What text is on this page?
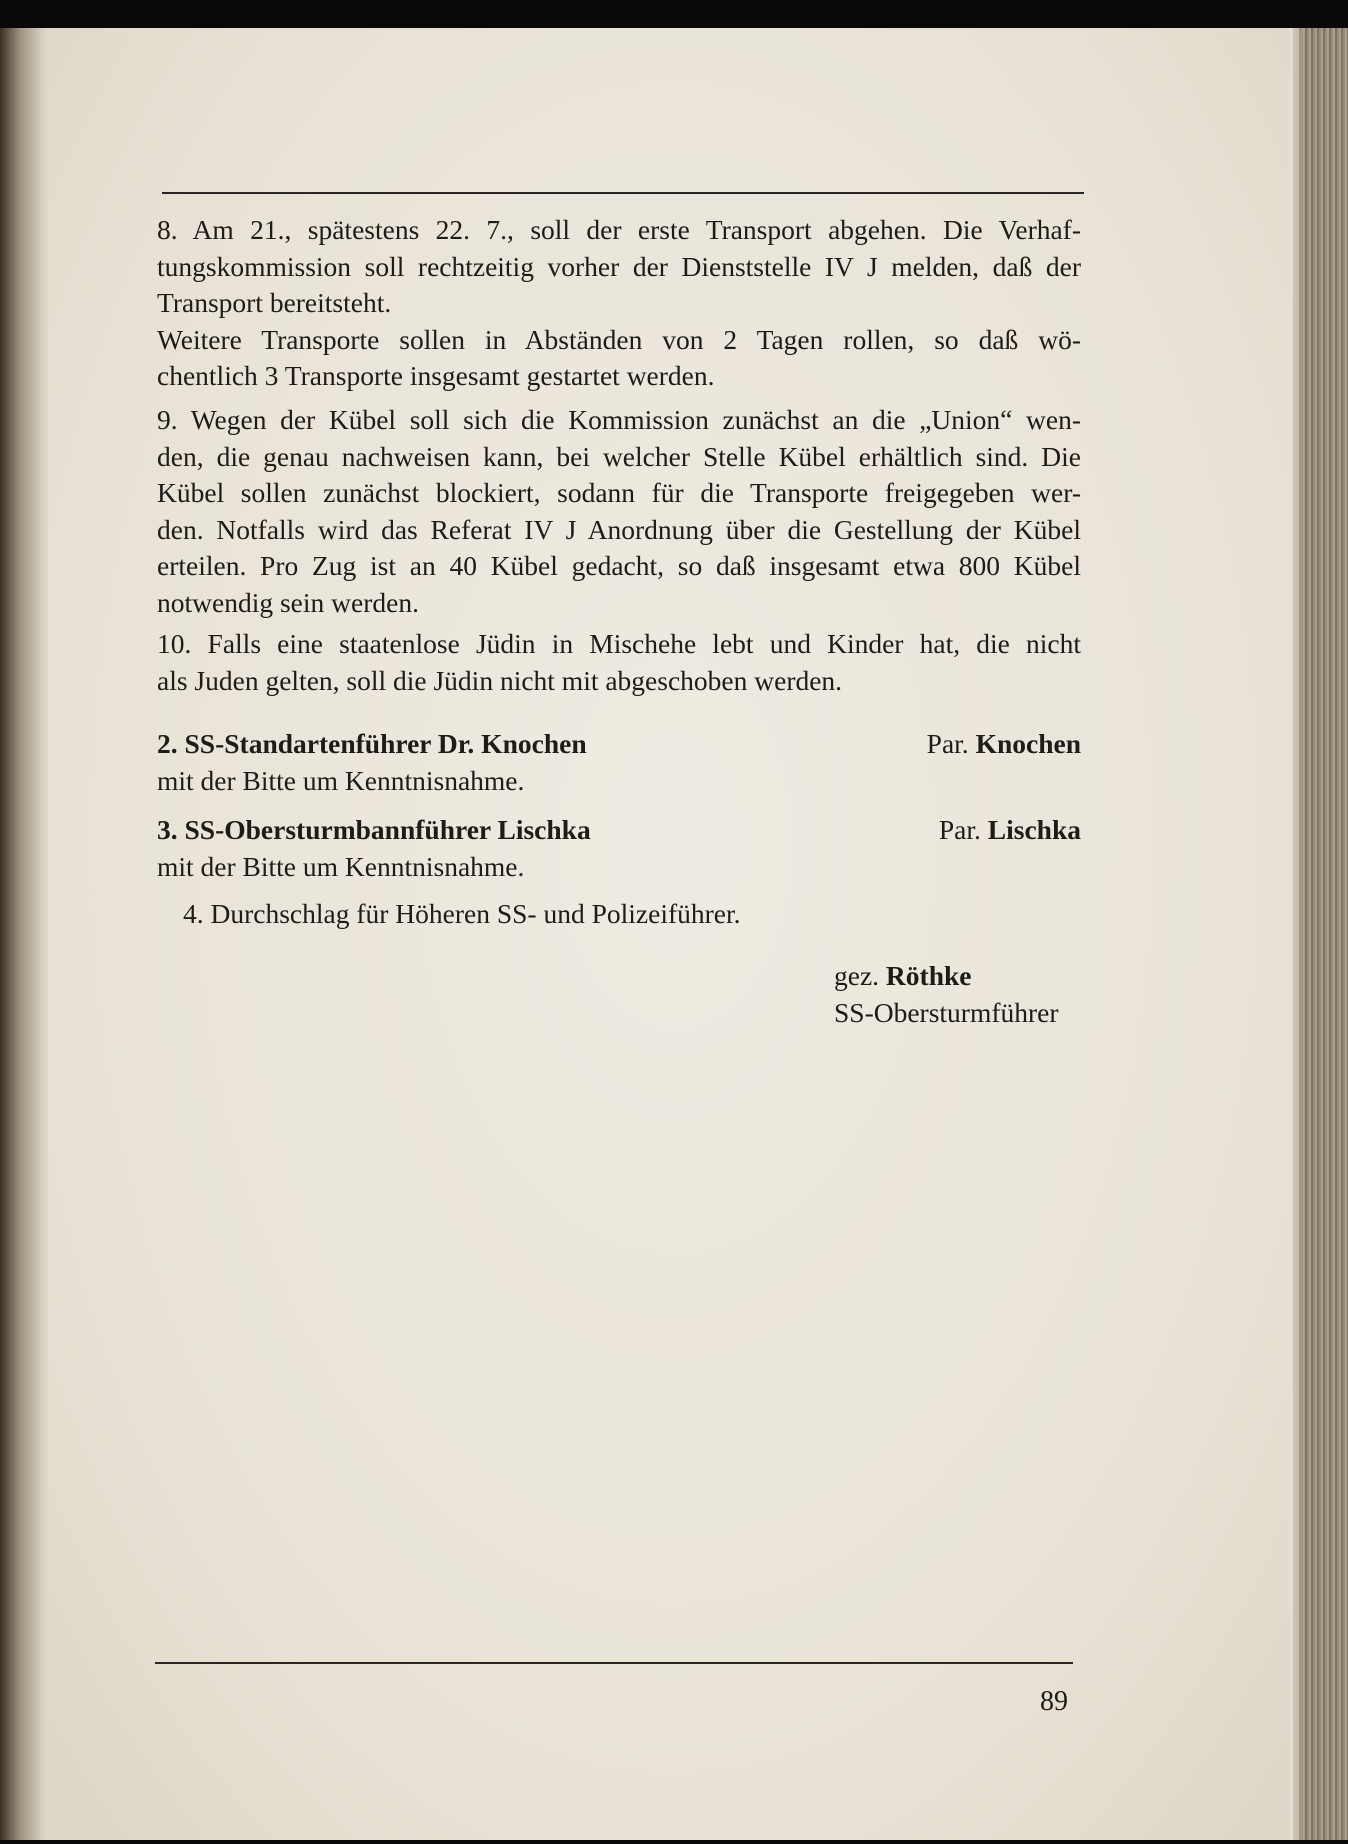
8. Am 21., spätestens 22. 7., soll der erste Transport abgehen. Die Verhaf-
tungskommission soll rechtzeitig vorher der Dienststelle IV J melden, daß der
Transport bereitsteht.
Weitere Transporte sollen in Abständen von 2 Tagen rollen, so daß wö-
chentlich 3 Transporte insgesamt gestartet werden.
9. Wegen der Kübel soll sich die Kommission zunächst an die „Union“ wen-
den, die genau nachweisen kann, bei welcher Stelle Kübel erhältlich sind. Die
Kübel sollen zunächst blockiert, sodann für die Transporte freigegeben wer-
den. Notfalls wird das Referat IV J Anordnung über die Gestellung der Kübel
erteilen. Pro Zug ist an 40 Kübel gedacht, so daß insgesamt etwa 800 Kübel
notwendig sein werden.
10. Falls eine staatenlose Jüdin in Mischehe lebt und Kinder hat, die nicht
als Juden gelten, soll die Jüdin nicht mit abgeschoben werden.
2. SS-Standartenführer Dr. Knochen	Par. Knochen
mit der Bitte um Kenntnisnahme.
3. SS-Obersturmbannführer Lischka	Par. Lischka
mit der Bitte um Kenntnisnahme.
4. Durchschlag für Höheren SS- und Polizeiführer.
gez. Röthke
SS-Obersturmführer
89
